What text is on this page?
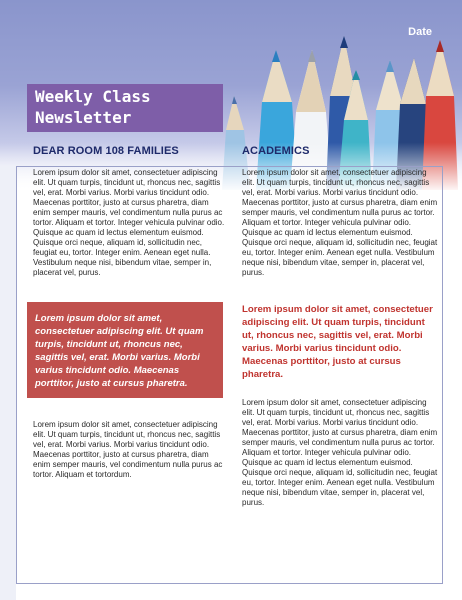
Date
Weekly Class
Newsletter
DEAR ROOM 108 FAMILIES	ACADEMICS

Lorem ipsum dolor sit amet, consectetuer adipiscing elit. Ut quam turpis, tincidunt ut, rhoncus nec, sagittis vel, erat. Morbi varius. Morbi varius tincidunt odio. Maecenas porttitor, justo at cursus pharetra, diam enim semper mauris, vel condimentum nulla purus ac tortor. Aliquam et tortor. Integer vehicula pulvinar odio. Quisque ac quam id lectus elementum euismod. Quisque orci neque, aliquam id, sollicitudin nec, feugiat eu, tortor. Integer enim. Aenean eget nulla. Vestibulum neque nisi, bibendum vitae, semper in, placerat vel, purus.

Lorem ipsum dolor sit amet, consectetuer adipiscing elit. Ut quam turpis, tincidunt ut, rhoncus nec, sagittis vel, erat. Morbi varius. Morbi varius tincidunt odio. Maecenas porttitor, justo at cursus pharetra, diam enim semper mauris, vel condimentum nulla purus ac tortor. Aliquam et tortor. Integer vehicula pulvinar odio. Quisque ac quam id lectus elementum euismod. Quisque orci neque, aliquam id, sollicitudin nec, feugiat eu, tortor. Integer enim. Aenean eget nulla. Vestibulum neque nisi, bibendum vitae, semper in, placerat vel, purus.

Lorem ipsum dolor sit amet, consectetuer adipiscing elit. Ut quam turpis, tincidunt ut, rhoncus nec, sagittis vel, erat. Morbi varius. Morbi varius tincidunt odio. Maecenas porttitor, justo at cursus pharetra.

Lorem ipsum dolor sit amet, consectetuer adipiscing elit. Ut quam turpis, tincidunt ut, rhoncus nec, sagittis vel, erat. Morbi varius. Morbi varius tincidunt odio. Maecenas porttitor, justo at cursus pharetra.

Lorem ipsum dolor sit amet, consectetuer adipiscing elit. Ut quam turpis, tincidunt ut, rhoncus nec, sagittis vel, erat. Morbi varius. Morbi varius tincidunt odio. Maecenas porttitor, justo at cursus pharetra, diam enim semper mauris, vel condimentum nulla purus ac tortor. Aliquam et tortordum.

Lorem ipsum dolor sit amet, consectetuer adipiscing elit. Ut quam turpis, tincidunt ut, rhoncus nec, sagittis vel, erat. Morbi varius. Morbi varius tincidunt odio. Maecenas porttitor, justo at cursus pharetra, diam enim semper mauris, vel condimentum nulla purus ac tortor. Aliquam et tortor. Integer vehicula pulvinar odio. Quisque ac quam id lectus elementum euismod. Quisque orci neque, aliquam id, sollicitudin nec, feugiat eu, tortor. Integer enim. Aenean eget nulla. Vestibulum neque nisi, bibendum vitae, semper in, placerat vel, purus.
